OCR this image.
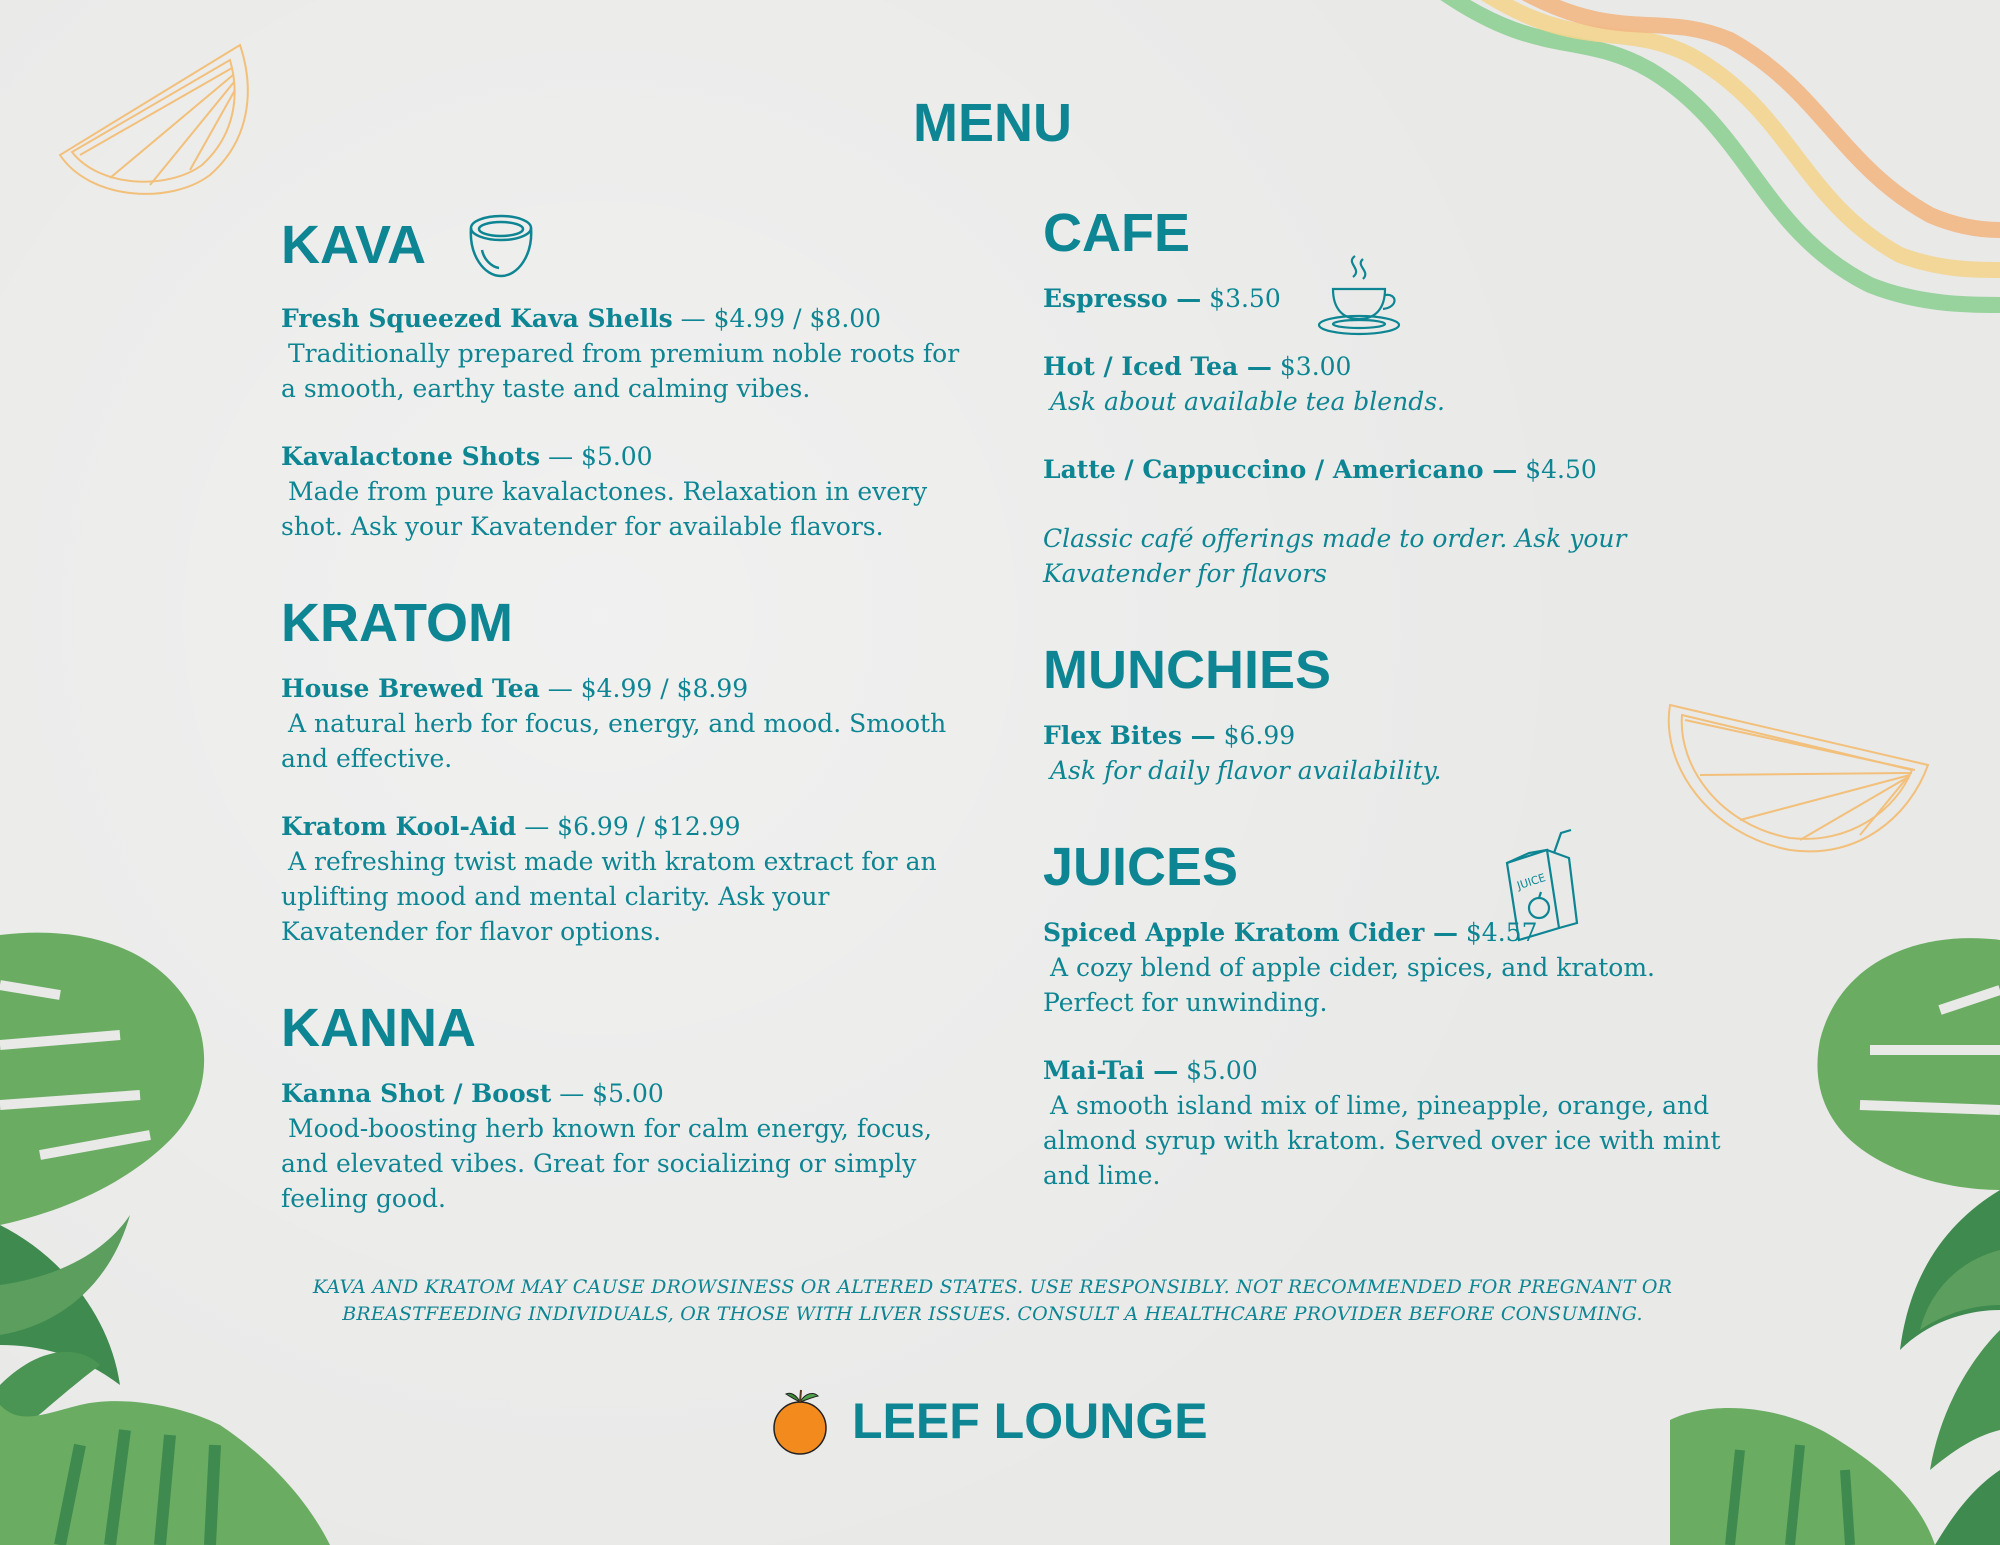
MENU
KAVA

Fresh Squeezed Kava Shells — $4.99 / $8.00

Traditionally prepared from premium noble roots for a smooth, earthy taste and calming vibes.

Kavalactone Shots — $5.00

Made from pure kavalactones. Relaxation in every shot. Ask your Kavatender for available flavors.

KRATOM

House Brewed Tea — $4.99 / $8.99

A natural herb for focus, energy, and mood. Smooth and effective.

Kratom Kool-Aid — $6.99 / $12.99

A refreshing twist made with kratom extract for an uplifting mood and mental clarity. Ask your Kavatender for flavor options.

KANNA

Kanna Shot / Boost — $5.00

Mood-boosting herb known for calm energy, focus, and elevated vibes. Great for socializing or simply feeling good.

CAFE

Espresso — $3.50

Hot / Iced Tea — $3.00

Ask about available tea blends.

Latte / Cappuccino / Americano — $4.50

Classic café offerings made to order. Ask your Kavatender for flavors

MUNCHIES

Flex Bites — $6.99

Ask for daily flavor availability.

JUICES	JUICE

Spiced Apple Kratom Cider — $4.57

A cozy blend of apple cider, spices, and kratom. Perfect for unwinding.

Mai-Tai — $5.00

A smooth island mix of lime, pineapple, orange, and almond syrup with kratom. Served over ice with mint and lime.

KAVA AND KRATOM MAY CAUSE DROWSINESS OR ALTERED STATES. USE RESPONSIBLY. NOT RECOMMENDED FOR PREGNANT OR BREASTFEEDING INDIVIDUALS, OR THOSE WITH LIVER ISSUES. CONSULT A HEALTHCARE PROVIDER BEFORE CONSUMING.

LEEF LOUNGE
